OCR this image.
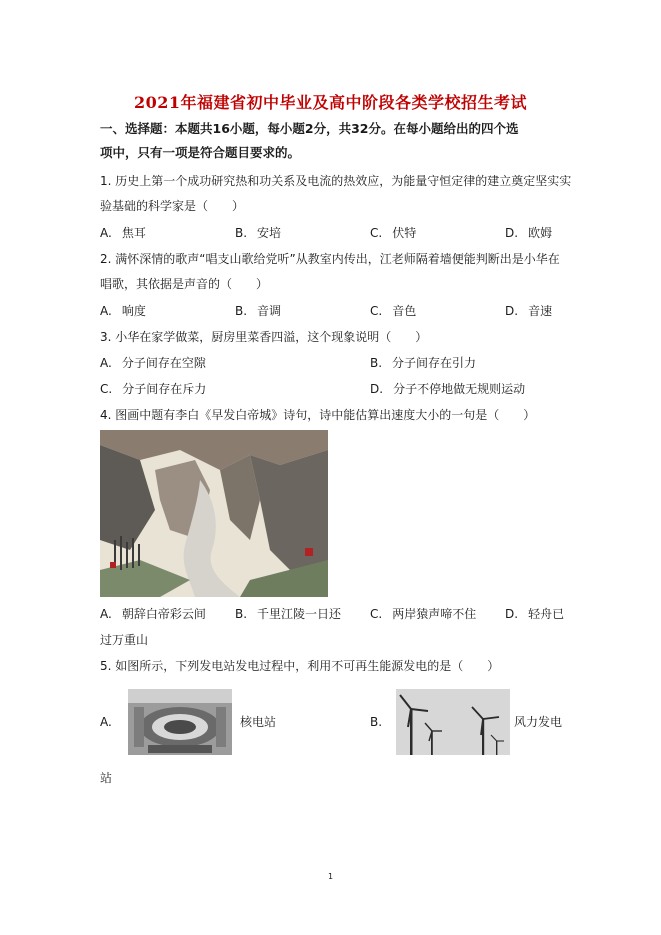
2021年福建省初中毕业及高中阶段各类学校招生考试
一、选择题：本题共16小题，每小题2分，共32分。在每小题给出的四个选
项中，只有一项是符合题目要求的。
1. 历史上第一个成功研究热和功关系及电流的热效应，为能量守恒定律的建立奠定坚实实
验基础的科学家是（　　）
A. 焦耳	B. 安培	C. 伏特	D. 欧姆
2. 满怀深情的歌声“唱支山歌给党听”从教室内传出，江老师隔着墙便能判断出是小华在
唱歌，其依据是声音的（　　）
A. 响度	B. 音调	C. 音色	D. 音速
3. 小华在家学做菜，厨房里菜香四溢，这个现象说明（　　）
A. 分子间存在空隙	B. 分子间存在引力
C. 分子间存在斥力	D. 分子不停地做无规则运动
4. 图画中题有李白《早发白帝城》诗句，诗中能估算出速度大小的一句是（　　）
A. 朝辞白帝彩云间 B. 千里江陵一日还 C. 两岸猿声啼不住 D. 轻舟已
过万重山
5. 如图所示，下列发电站发电过程中，利用不可再生能源发电的是（　　）
A.	核电站	B.	风力发电
站
1
